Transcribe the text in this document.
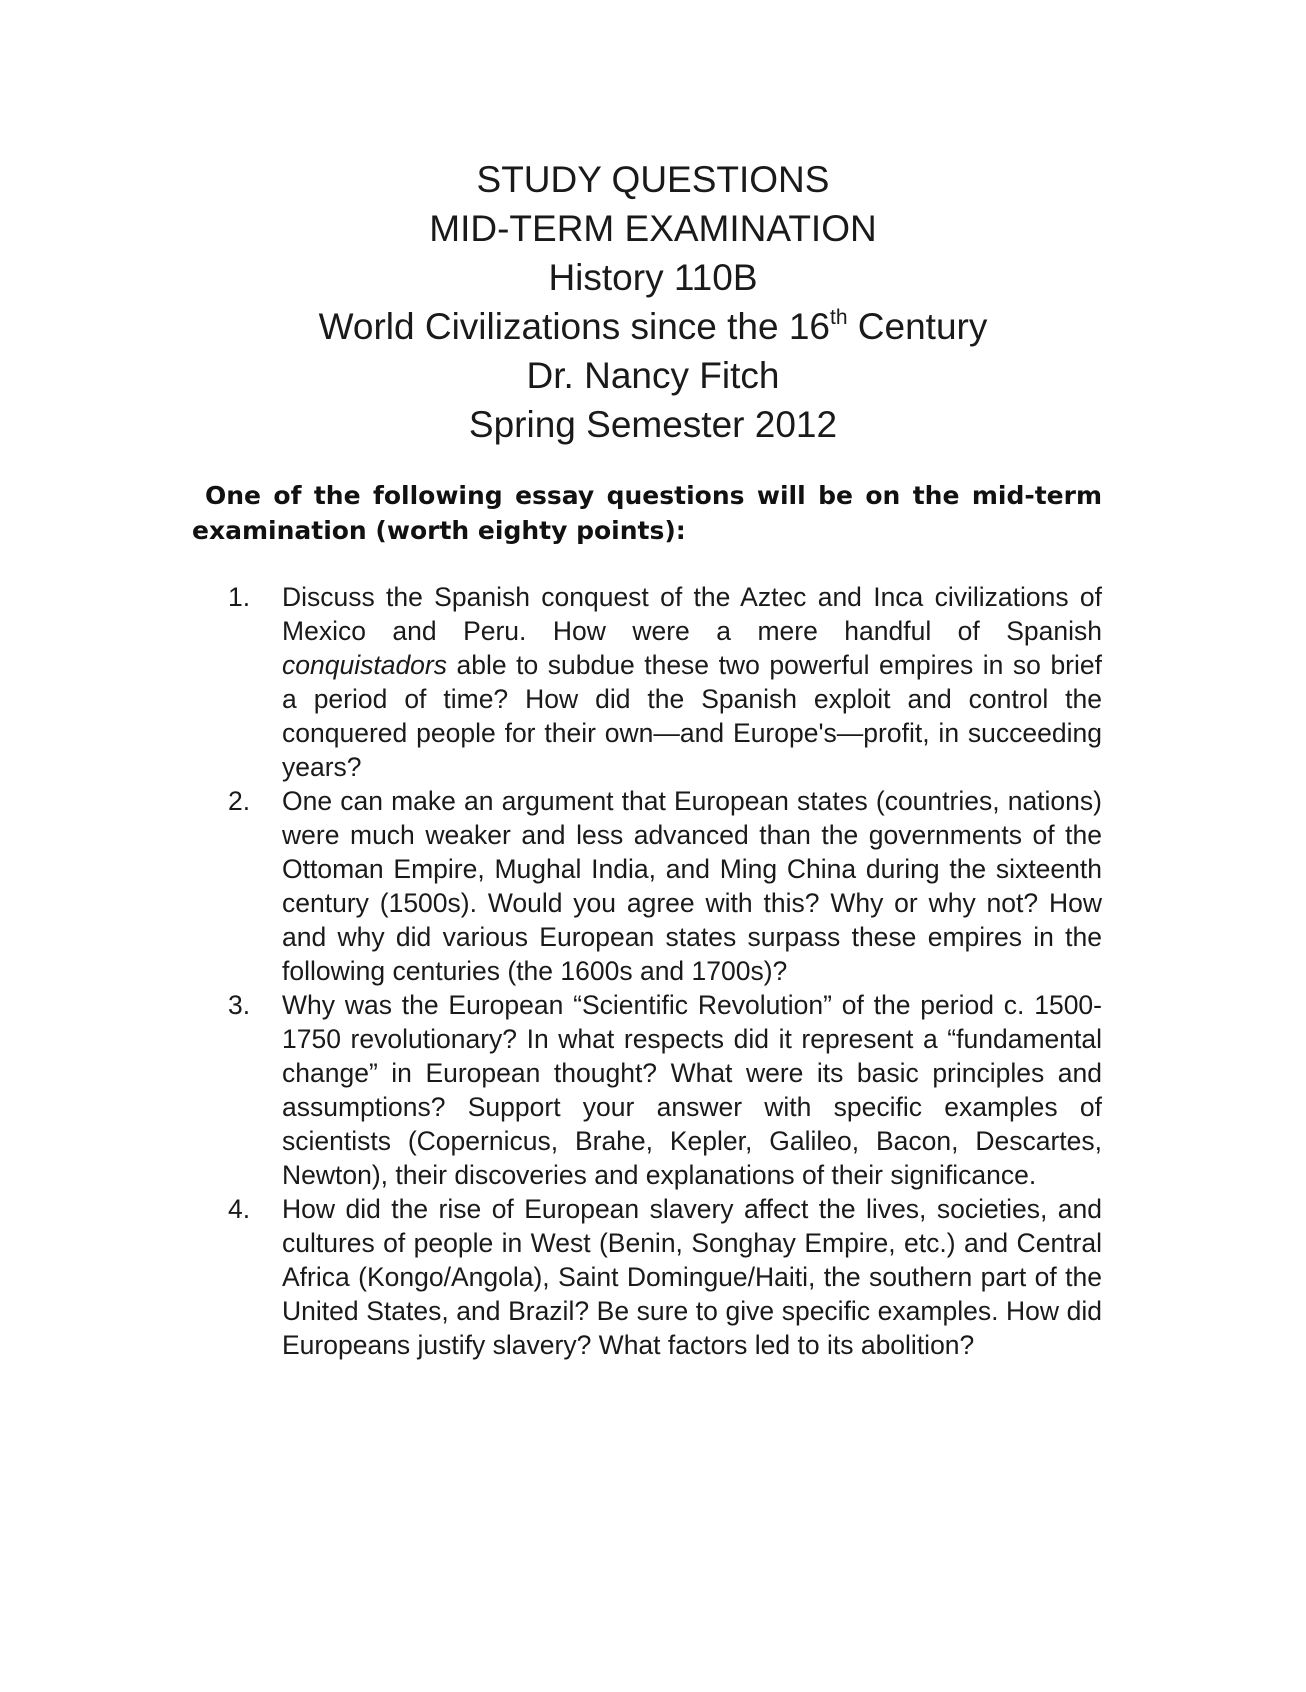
STUDY QUESTIONS

MID-TERM EXAMINATION

History 110B

World Civilizations since the 16th Century

Dr. Nancy Fitch

Spring Semester 2012

One of the following essay questions will be on the mid-term examination (worth eighty points):

1.	Discuss the Spanish conquest of the Aztec and Inca civilizations of Mexico and Peru. How were a mere handful of Spanish conquistadors able to subdue these two powerful empires in so brief a period of time? How did the Spanish exploit and control the conquered people for their own—and Europe's—profit, in succeeding years?
2.	One can make an argument that European states (countries, nations) were much weaker and less advanced than the governments of the Ottoman Empire, Mughal India, and Ming China during the sixteenth century (1500s). Would you agree with this? Why or why not? How and why did various European states surpass these empires in the following centuries (the 1600s and 1700s)?
3.	Why was the European “Scientific Revolution” of the period c. 1500-1750 revolutionary? In what respects did it represent a “fundamental change” in European thought? What were its basic principles and assumptions? Support your answer with specific examples of scientists (Copernicus, Brahe, Kepler, Galileo, Bacon, Descartes, Newton), their discoveries and explanations of their significance.
4.	How did the rise of European slavery affect the lives, societies, and cultures of people in West (Benin, Songhay Empire, etc.) and Central Africa (Kongo/Angola), Saint Domingue/Haiti, the southern part of the United States, and Brazil? Be sure to give specific examples. How did Europeans justify slavery? What factors led to its abolition?
